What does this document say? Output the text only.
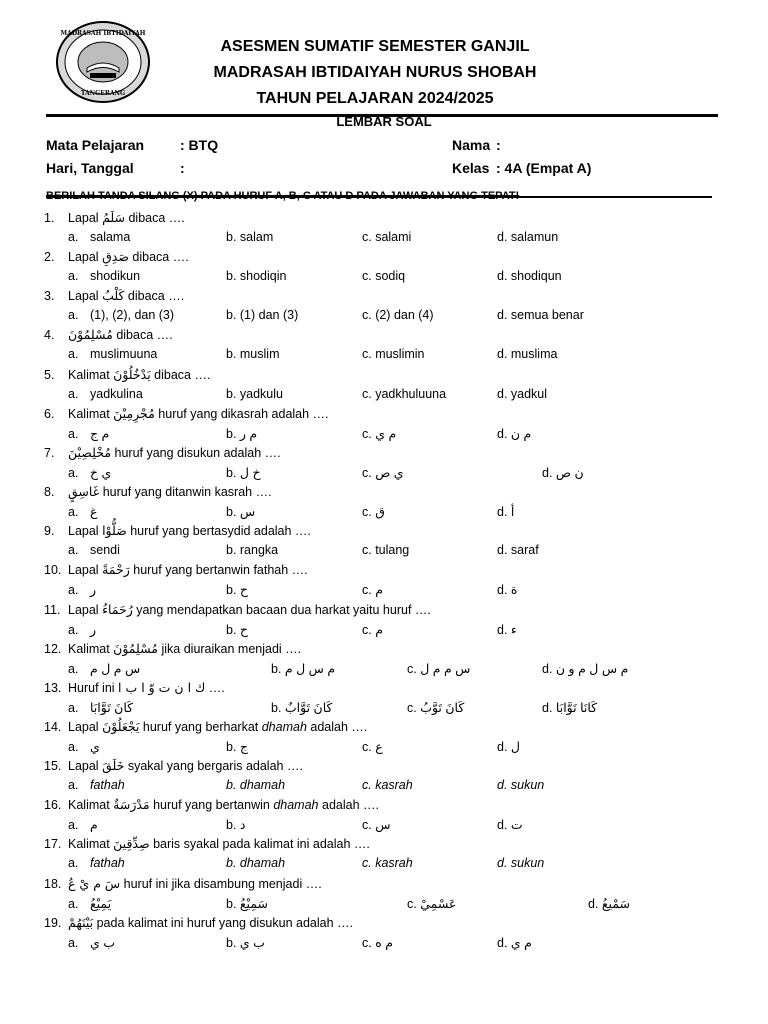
MADRASAH IBTIDAIYAH
TANGERANG
ASESMEN SUMATIF SEMESTER GANJIL
MADRASAH IBTIDAIYAH NURUS SHOBAH
TAHUN PELAJARAN 2024/2025
LEMBAR SOAL
Mata Pelajaran	: BTQ
Hari, Tanggal	:
Nama :
Kelas : 4A (Empat A)
BERILAH TANDA SILANG (X) PADA HURUF A, B, C ATAU D PADA JAWABAN YANG TEPAT!
1. Lapal سَلَمُ dibaca ….
a. salama	b. salam	c. salami	d. salamun
2. Lapal صَدِقِ dibaca ….
a. shodikun	b. shodiqin	c. sodiq	d. shodiqun
3. Lapal كَلْبُ dibaca ….
a. (1), (2), dan (3)	b. (1) dan (3)	c. (2) dan (4)	d. semua benar
4. مُسْلِمُوْنَ dibaca ….
a. muslimuuna	b. muslim	c. muslimin	d. muslima
5. Kalimat يَدْخُلُوْنَ dibaca ….
a. yadkulina	b. yadkulu	c. yadkhuluuna	d. yadkul
6. Kalimat مُجْرِمِيْنَ huruf yang dikasrah adalah ….
a. م ج	b. م ر	c. م ي	d. م ن
7. مُخْلِصِيْنَ huruf yang disukun adalah ….
a. ي خ	b. خ ل	c. ي ص	d. ن ص
8. غَاسِقٍ huruf yang ditanwin kasrah ….
a. غ	b. س	c. ق	d. أ
9. Lapal صَلُّوْا huruf yang bertasydid adalah ….
a. sendi	b. rangka	c. tulang	d. saraf
10. Lapal رَحْمَةً huruf yang bertanwin fathah ….
a. ر	b. ح	c. م	d. ة
11. Lapal رُحَمَاءُ yang mendapatkan bacaan dua harkat yaitu huruf ….
a. ر	b. ح	c. م	d. ء
12. Kalimat مُسْلِمُوْنَ jika diuraikan menjadi ….
a. س م ل م	b. م س ل م	c. س م م ل	d. م س ل م و ن
13. Huruf ini ك ا ن ت وّ ا ب ا ….
a. كَانَ تَوَّابَا	b. كَانَ تَوَّابٌ	c. كَانَ تَوَّبُ	d. كَانَا تَوَّابَا
14. Lapal يَجْعَلُوْنَ huruf yang berharkat dhamah adalah ….
a. ي	b. ج	c. ع	d. ل
15. Lapal خَلَقَ syakal yang bergaris adalah ….
a. fathah	b. dhamah	c. kasrah	d. sukun
16. Kalimat مَدْرَسَةٌ huruf yang bertanwin dhamah adalah ….
a. م	b. د	c. س	d. ت
17. Kalimat صِدِّقِينَ baris syakal pada kalimat ini adalah ….
a. fathah	b. dhamah	c. kasrah	d. sukun
18. سَ م يْ عُ huruf ini jika disambung menjadi ….
a. يَمِيْعُ	b. سَمِيْعُ	c. عَسْمِيْ	d. سَمْيعُ
19. بَيْنَهُمْ pada kalimat ini huruf yang disukun adalah ….
a. ب ي	b. ب ي	c. م ه	d. م ي
